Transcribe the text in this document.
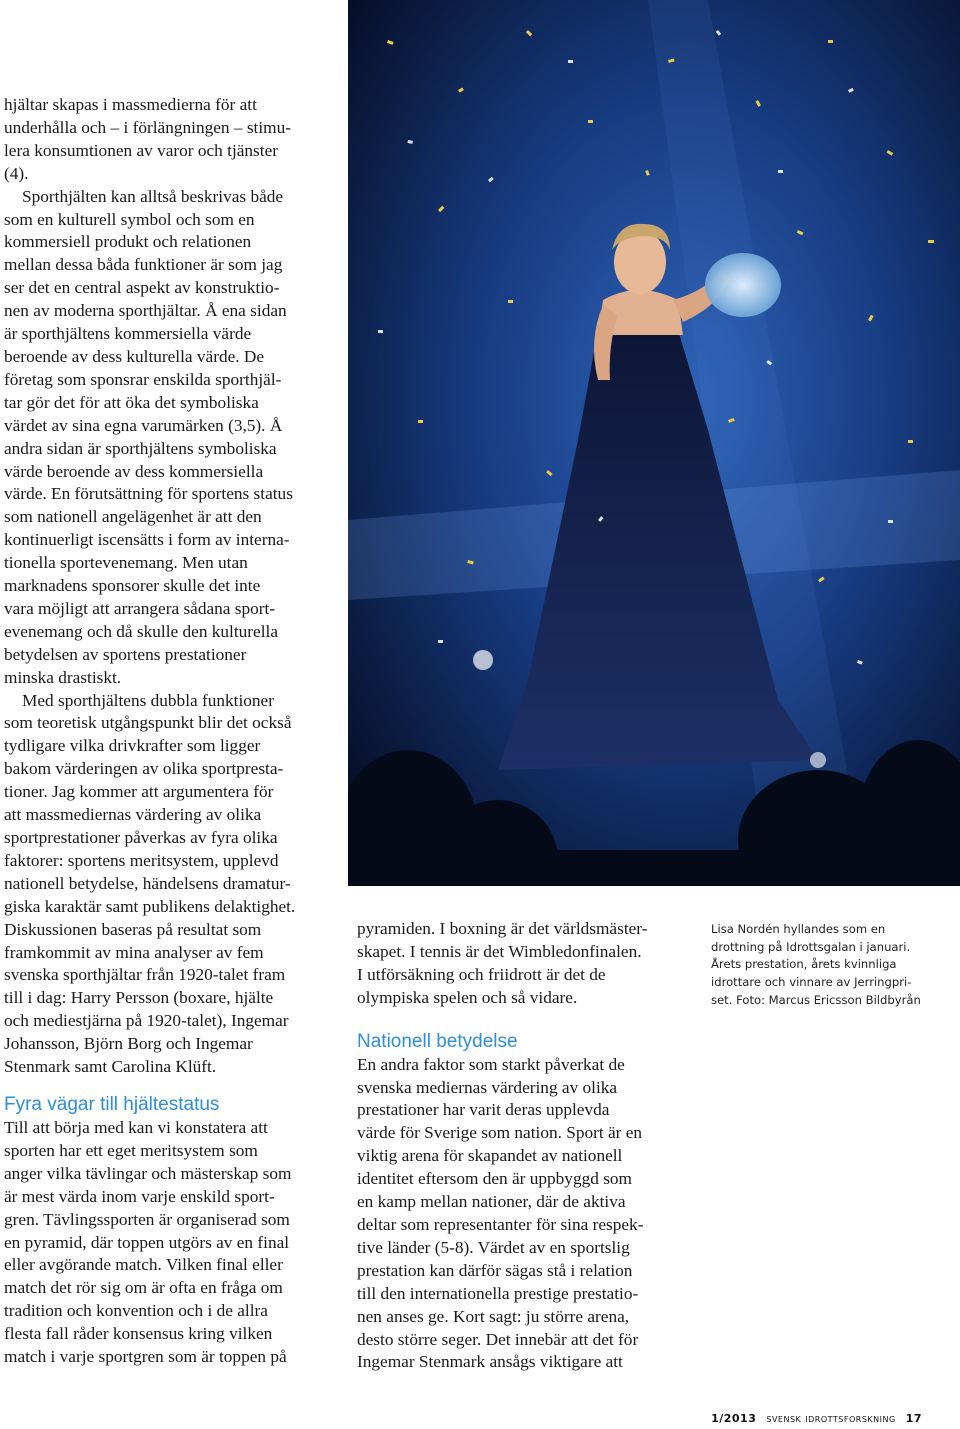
hjältar skapas i massmedierna för att
underhålla och – i förlängningen – stimu-
lera konsumtionen av varor och tjänster
(4).

Sporthjälten kan alltså beskrivas både
som en kulturell symbol och som en
kommersiell produkt och relationen
mellan dessa båda funktioner är som jag
ser det en central aspekt av konstruktio-
nen av moderna sporthjältar. Å ena sidan
är sporthjältens kommersiella värde
beroende av dess kulturella värde. De
företag som sponsrar enskilda sporthjäl-
tar gör det för att öka det symboliska
värdet av sina egna varumärken (3,5). Å
andra sidan är sporthjältens symboliska
värde beroende av dess kommersiella
värde. En förutsättning för sportens status
som nationell angelägenhet är att den
kontinuerligt iscensätts i form av interna-
tionella sportevenemang. Men utan
marknadens sponsorer skulle det inte
vara möjligt att arrangera sådana sport-
evenemang och då skulle den kulturella
betydelsen av sportens prestationer
minska drastiskt.

Med sporthjältens dubbla funktioner
som teoretisk utgångspunkt blir det också
tydligare vilka drivkrafter som ligger
bakom värderingen av olika sportpresta-
tioner. Jag kommer att argumentera för
att massmediernas värdering av olika
sportprestationer påverkas av fyra olika
faktorer: sportens meritsystem, upplevd
nationell betydelse, händelsens dramatur-
giska karaktär samt publikens delaktighet.
Diskussionen baseras på resultat som
framkommit av mina analyser av fem
svenska sporthjältar från 1920-talet fram
till i dag: Harry Persson (boxare, hjälte
och mediestjärna på 1920-talet), Ingemar
Johansson, Björn Borg och Ingemar
Stenmark samt Carolina Klüft.

Fyra vägar till hjältestatus

Till att börja med kan vi konstatera att
sporten har ett eget meritsystem som
anger vilka tävlingar och mästerskap som
är mest värda inom varje enskild sport-
gren. Tävlingssporten är organiserad som
en pyramid, där toppen utgörs av en final
eller avgörande match. Vilken final eller
match det rör sig om är ofta en fråga om
tradition och konvention och i de allra
flesta fall råder konsensus kring vilken
match i varje sportgren som är toppen på

pyramiden. I boxning är det världsmäster-
skapet. I tennis är det Wimbledonfinalen.
I utförsäkning och friidrott är det de
olympiska spelen och så vidare.

Nationell betydelse

En andra faktor som starkt påverkat de
svenska mediernas värdering av olika
prestationer har varit deras upplevda
värde för Sverige som nation. Sport är en
viktig arena för skapandet av nationell
identitet eftersom den är uppbyggd som
en kamp mellan nationer, där de aktiva
deltar som representanter för sina respek-
tive länder (5-8). Värdet av en sportslig
prestation kan därför sägas stå i relation
till den internationella prestige prestatio-
nen anses ge. Kort sagt: ju större arena,
desto större seger. Det innebär att det för
Ingemar Stenmark ansågs viktigare att

Lisa Nordén hyllandes som en
drottning på Idrottsgalan i januari.
Årets prestation, årets kvinnliga
idrottare och vinnare av Jerringpri-
set. Foto: Marcus Ericsson Bildbyrån
1/2013 svensk idrottsforskning 17
